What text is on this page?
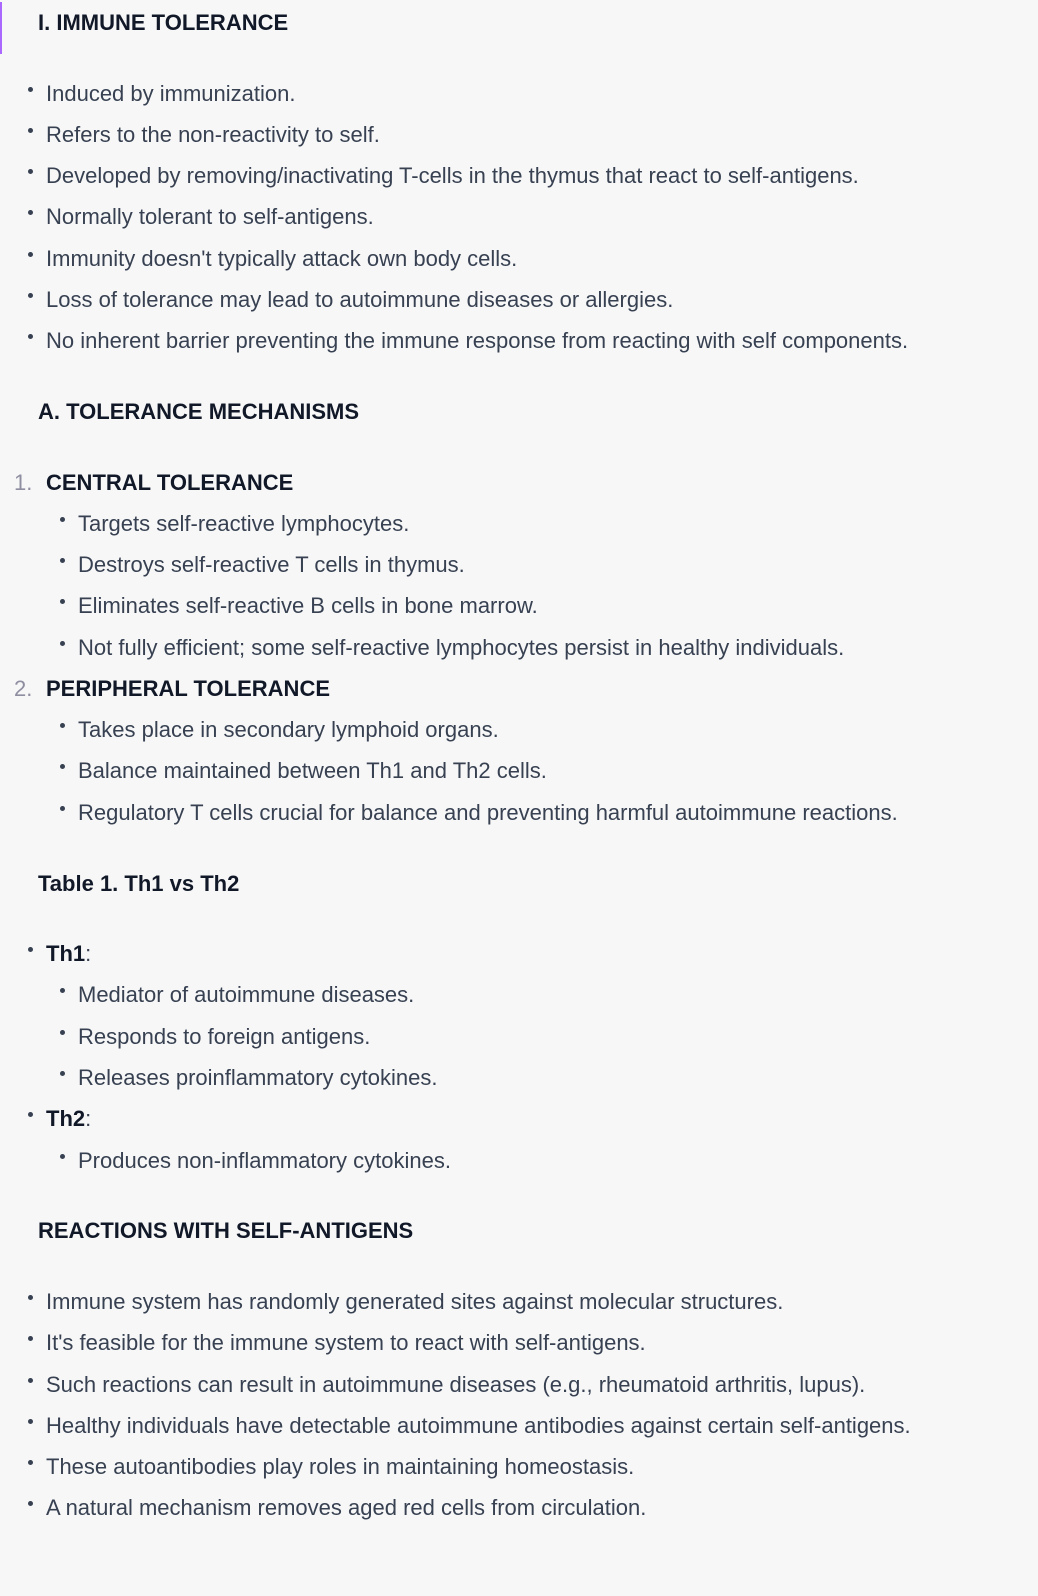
I. IMMUNE TOLERANCE
Induced by immunization.
Refers to the non-reactivity to self.
Developed by removing/inactivating T-cells in the thymus that react to self-antigens.
Normally tolerant to self-antigens.
Immunity doesn't typically attack own body cells.
Loss of tolerance may lead to autoimmune diseases or allergies.
No inherent barrier preventing the immune response from reacting with self components.
A. TOLERANCE MECHANISMS
1. CENTRAL TOLERANCE
Targets self-reactive lymphocytes.
Destroys self-reactive T cells in thymus.
Eliminates self-reactive B cells in bone marrow.
Not fully efficient; some self-reactive lymphocytes persist in healthy individuals.
2. PERIPHERAL TOLERANCE
Takes place in secondary lymphoid organs.
Balance maintained between Th1 and Th2 cells.
Regulatory T cells crucial for balance and preventing harmful autoimmune reactions.
Table 1. Th1 vs Th2
Th1:
Mediator of autoimmune diseases.
Responds to foreign antigens.
Releases proinflammatory cytokines.
Th2:
Produces non-inflammatory cytokines.
REACTIONS WITH SELF-ANTIGENS
Immune system has randomly generated sites against molecular structures.
It's feasible for the immune system to react with self-antigens.
Such reactions can result in autoimmune diseases (e.g., rheumatoid arthritis, lupus).
Healthy individuals have detectable autoimmune antibodies against certain self-antigens.
These autoantibodies play roles in maintaining homeostasis.
A natural mechanism removes aged red cells from circulation.
